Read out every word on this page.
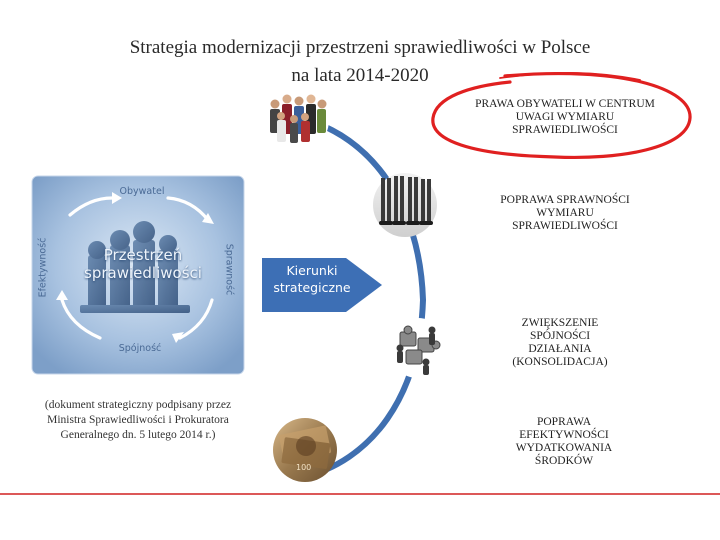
Strategia modernizacji przestrzeni sprawiedliwości w Polsce
na lata 2014-2020
100
Przestrzeń
sprawiedliwości
Obywatel
Spójność
Efektywność	Sprawność	Kierunki
strategiczne
PRAWA OBYWATELI W CENTRUM
UWAGI WYMIARU
SPRAWIEDLIWOŚCI
POPRAWA SPRAWNOŚCI
WYMIARU
SPRAWIEDLIWOŚCI
ZWIĘKSZENIE
SPÓJNOŚCI
DZIAŁANIA
(KONSOLIDACJA)
POPRAWA
EFEKTYWNOŚCI
WYDATKOWANIA
ŚRODKÓW
(dokument strategiczny podpisany przez
Ministra Sprawiedliwości i Prokuratora
Generalnego dn. 5 lutego 2014 r.)
